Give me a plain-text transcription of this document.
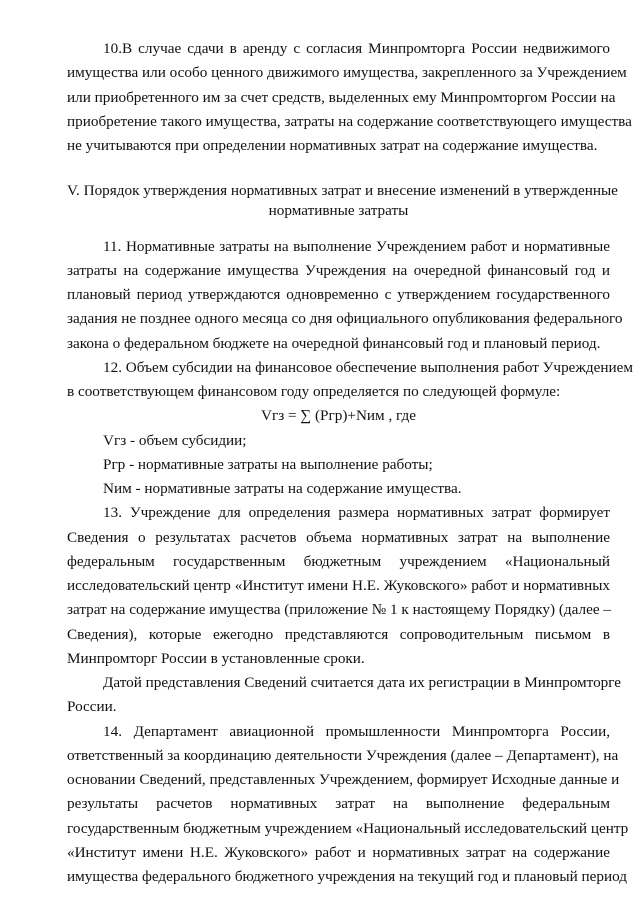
10.В случае сдачи в аренду с согласия Минпромторга России недвижимого
имущества или особо ценного движимого имущества, закрепленного за Учреждением
или приобретенного им за счет средств, выделенных ему Минпромторгом России на
приобретение такого имущества, затраты на содержание соответствующего имущества
не учитываются при определении нормативных затрат на содержание имущества.
V. Порядок утверждения нормативных затрат и внесение изменений в утвержденные
нормативные затраты
11. Нормативные затраты на выполнение Учреждением работ и нормативные
затраты на содержание имущества Учреждения на очередной финансовый год и
плановый период утверждаются одновременно с утверждением государственного
задания не позднее одного месяца со дня официального опубликования федерального
закона о федеральном бюджете на очередной финансовый год и плановый период.
12. Объем субсидии на финансовое обеспечение выполнения работ Учреждением
в соответствующем финансовом году определяется по следующей формуле:
Vгз = ∑ (Ргр)+Nим , где
Vгз - объем субсидии;
Ргр - нормативные затраты на выполнение работы;
Nим - нормативные затраты на содержание имущества.
13. Учреждение для определения размера нормативных затрат формирует
Сведения о результатах расчетов объема нормативных затрат на выполнение
федеральным государственным бюджетным учреждением «Национальный
исследовательский центр «Институт имени Н.Е. Жуковского» работ и нормативных
затрат на содержание имущества (приложение № 1 к настоящему Порядку) (далее –
Сведения), которые ежегодно представляются сопроводительным письмом в
Минпромторг России в установленные сроки.
Датой представления Сведений считается дата их регистрации в Минпромторге
России.
14. Департамент авиационной промышленности Минпромторга России,
ответственный за координацию деятельности Учреждения (далее – Департамент), на
основании Сведений, представленных Учреждением, формирует Исходные данные и
результаты расчетов нормативных затрат на выполнение федеральным
государственным бюджетным учреждением «Национальный исследовательский центр
«Институт имени Н.Е. Жуковского» работ и нормативных затрат на содержание
имущества федерального бюджетного учреждения на текущий год и плановый период
